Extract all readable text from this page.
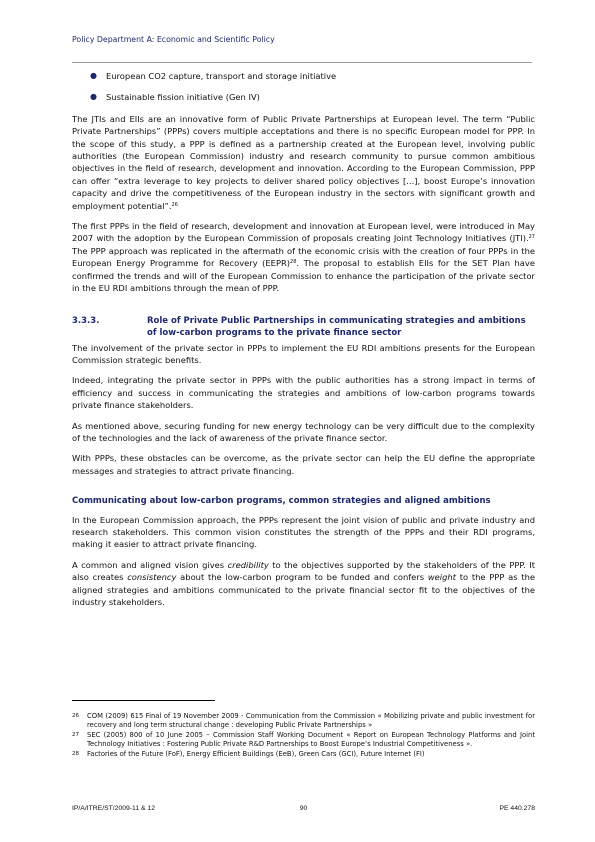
Policy Department A: Economic and Scientific Policy
● European CO2 capture, transport and storage initiative
● Sustainable fission initiative (Gen IV)

The JTIs and EIIs are an innovative form of Public Private Partnerships at European level. The term “Public Private Partnerships” (PPPs) covers multiple acceptations and there is no specific European model for PPP. In the scope of this study, a PPP is defined as a partnership created at the European level, involving public authorities (the European Commission) industry and research community to pursue common ambitious objectives in the field of research, development and innovation. According to the European Commission, PPP can offer “extra leverage to key projects to deliver shared policy objectives [...], boost Europe’s innovation capacity and drive the competitiveness of the European industry in the sectors with significant growth and employment potential”.$^{26}$

The first PPPs in the field of research, development and innovation at European level, were introduced in May 2007 with the adoption by the European Commission of proposals creating Joint Technology Initiatives (JTI).$^{27}$ The PPP approach was replicated in the aftermath of the economic crisis with the creation of four PPPs in the European Energy Programme for Recovery (EEPR)$^{28}$. The proposal to establish EIIs for the SET Plan have confirmed the trends and will of the European Commission to enhance the participation of the private sector in the EU RDI ambitions through the mean of PPP.

3.3.3.	Role of Private Public Partnerships in communicating strategies and ambitions of low-carbon programs to the private finance sector

The involvement of the private sector in PPPs to implement the EU RDI ambitions presents for the European Commission strategic benefits.

Indeed, integrating the private sector in PPPs with the public authorities has a strong impact in terms of efficiency and success in communicating the strategies and ambitions of low-carbon programs towards private finance stakeholders.

As mentioned above, securing funding for new energy technology can be very difficult due to the complexity of the technologies and the lack of awareness of the private finance sector.

With PPPs, these obstacles can be overcome, as the private sector can help the EU define the appropriate messages and strategies to attract private financing.

Communicating about low-carbon programs, common strategies and aligned ambitions

In the European Commission approach, the PPPs represent the joint vision of public and private industry and research stakeholders. This common vision constitutes the strength of the PPPs and their RDI programs, making it easier to attract private financing.

A common and aligned vision gives credibility to the objectives supported by the stakeholders of the PPP. It also creates consistency about the low-carbon program to be funded and confers weight to the PPP as the aligned strategies and ambitions communicated to the private financial sector fit to the objectives of the industry stakeholders.

26 COM (2009) 615 Final of 19 November 2009 - Communication from the Commission « Mobilizing private and public investment for recovery and long term structural change : developing Public Private Partnerships »
27 SEC (2005) 800 of 10 June 2005 – Commission Staff Working Document « Report on European Technology Platforms and Joint Technology Initiatives : Fostering Public Private R&D Partnerships to Boost Europe’s Industrial Competitiveness ».
28 Factories of the Future (FoF), Energy Efficient Buildings (EeB), Green Cars (GCI), Future Internet (FI)
IP/A/ITRE/ST/2009-11 & 12	90	PE 440.278
